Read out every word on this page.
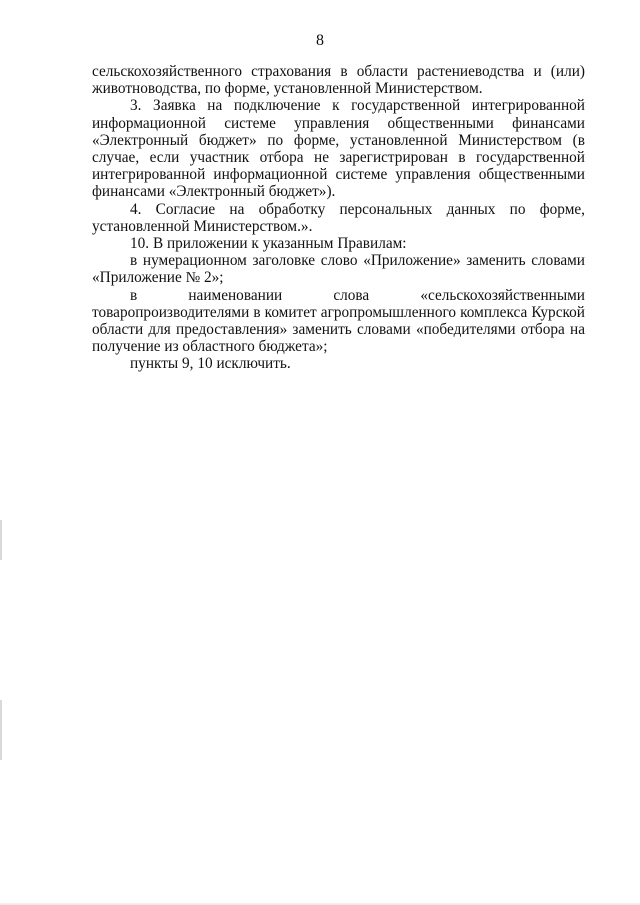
8

сельскохозяйственного страхования в области растениеводства и (или) животноводства, по форме, установленной Министерством.

3. Заявка на подключение к государственной интегрированной информационной системе управления общественными финансами «Электронный бюджет» по форме, установленной Министерством (в случае, если участник отбора не зарегистрирован в государственной интегрированной информационной системе управления общественными финансами «Электронный бюджет»).

4. Согласие на обработку персональных данных по форме, установленной Министерством.».

10. В приложении к указанным Правилам:

в нумерационном заголовке слово «Приложение» заменить словами «Приложение № 2»;

в наименовании слова «сельскохозяйственными товаропроизводителями в комитет агропромышленного комплекса Курской области для предоставления» заменить словами «победителями отбора на получение из областного бюджета»;

пункты 9, 10 исключить.
